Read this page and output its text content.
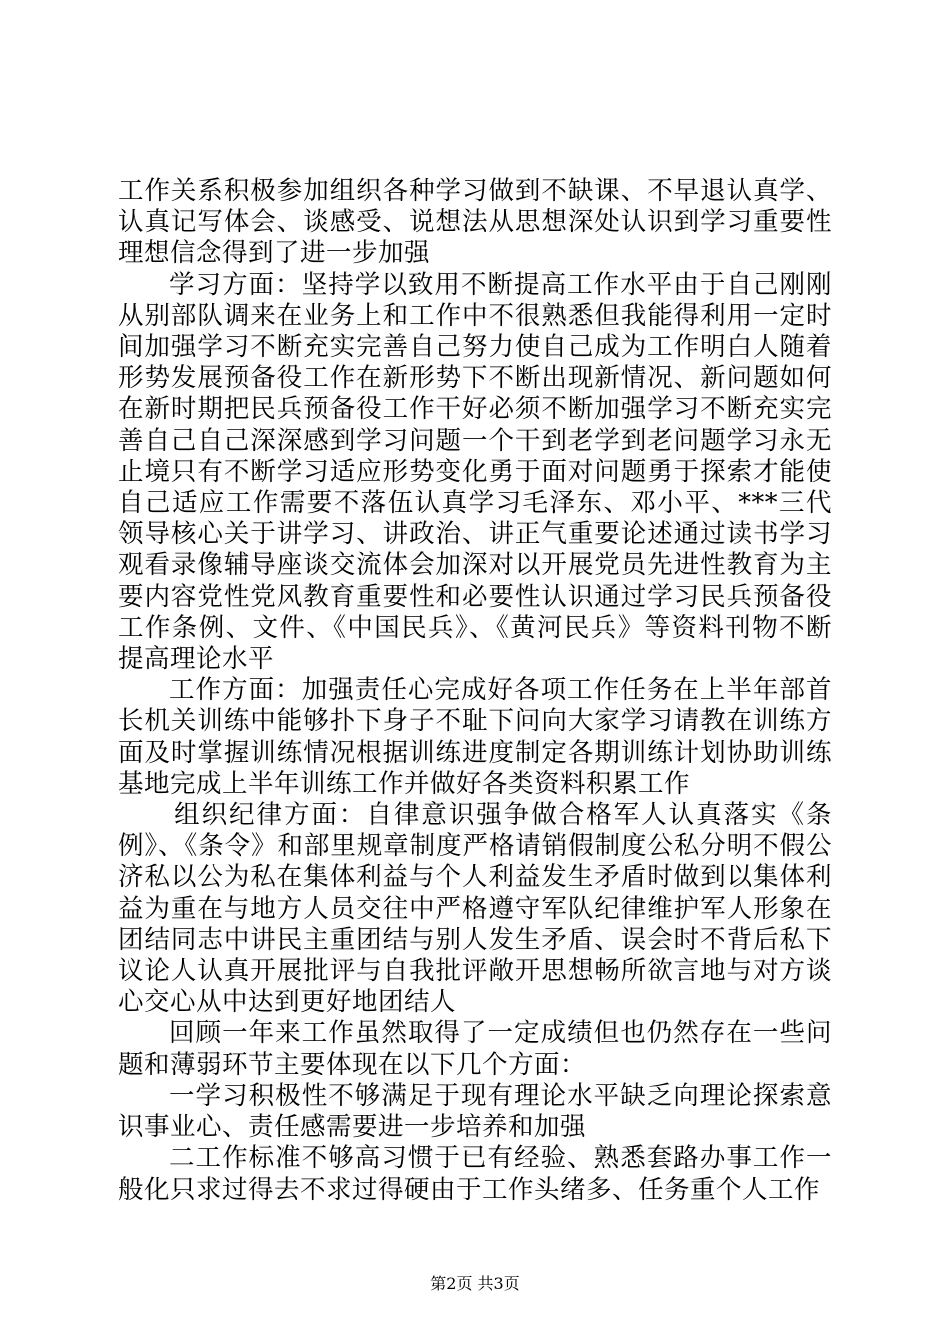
工作关系积极参加组织各种学习做到不缺课、不早退认真学、认真记写体会、谈感受、说想法从思想深处认识到学习重要性理想信念得到了进一步加强

学习方面：坚持学以致用不断提高工作水平由于自己刚刚从别部队调来在业务上和工作中不很熟悉但我能得利用一定时间加强学习不断充实完善自己努力使自己成为工作明白人随着形势发展预备役工作在新形势下不断出现新情况、新问题如何在新时期把民兵预备役工作干好必须不断加强学习不断充实完善自己自己深深感到学习问题一个干到老学到老问题学习永无止境只有不断学习适应形势变化勇于面对问题勇于探索才能使自己适应工作需要不落伍认真学习毛泽东、邓小平、***三代领导核心关于讲学习、讲政治、讲正气重要论述通过读书学习观看录像辅导座谈交流体会加深对以开展党员先进性教育为主要内容党性党风教育重要性和必要性认识通过学习民兵预备役工作条例、文件、《中国民兵》、《黄河民兵》等资料刊物不断提高理论水平

工作方面：加强责任心完成好各项工作任务在上半年部首长机关训练中能够扑下身子不耻下问向大家学习请教在训练方面及时掌握训练情况根据训练进度制定各期训练计划协助训练基地完成上半年训练工作并做好各类资料积累工作

组织纪律方面：自律意识强争做合格军人认真落实《条例》、《条令》和部里规章制度严格请销假制度公私分明不假公济私以公为私在集体利益与个人利益发生矛盾时做到以集体利益为重在与地方人员交往中严格遵守军队纪律维护军人形象在团结同志中讲民主重团结与别人发生矛盾、误会时不背后私下议论人认真开展批评与自我批评敞开思想畅所欲言地与对方谈心交心从中达到更好地团结人

回顾一年来工作虽然取得了一定成绩但也仍然存在一些问题和薄弱环节主要体现在以下几个方面：

一学习积极性不够满足于现有理论水平缺乏向理论探索意识事业心、责任感需要进一步培养和加强

二工作标准不够高习惯于已有经验、熟悉套路办事工作一般化只求过得去不求过得硬由于工作头绪多、任务重个人工作

第2页 共3页
